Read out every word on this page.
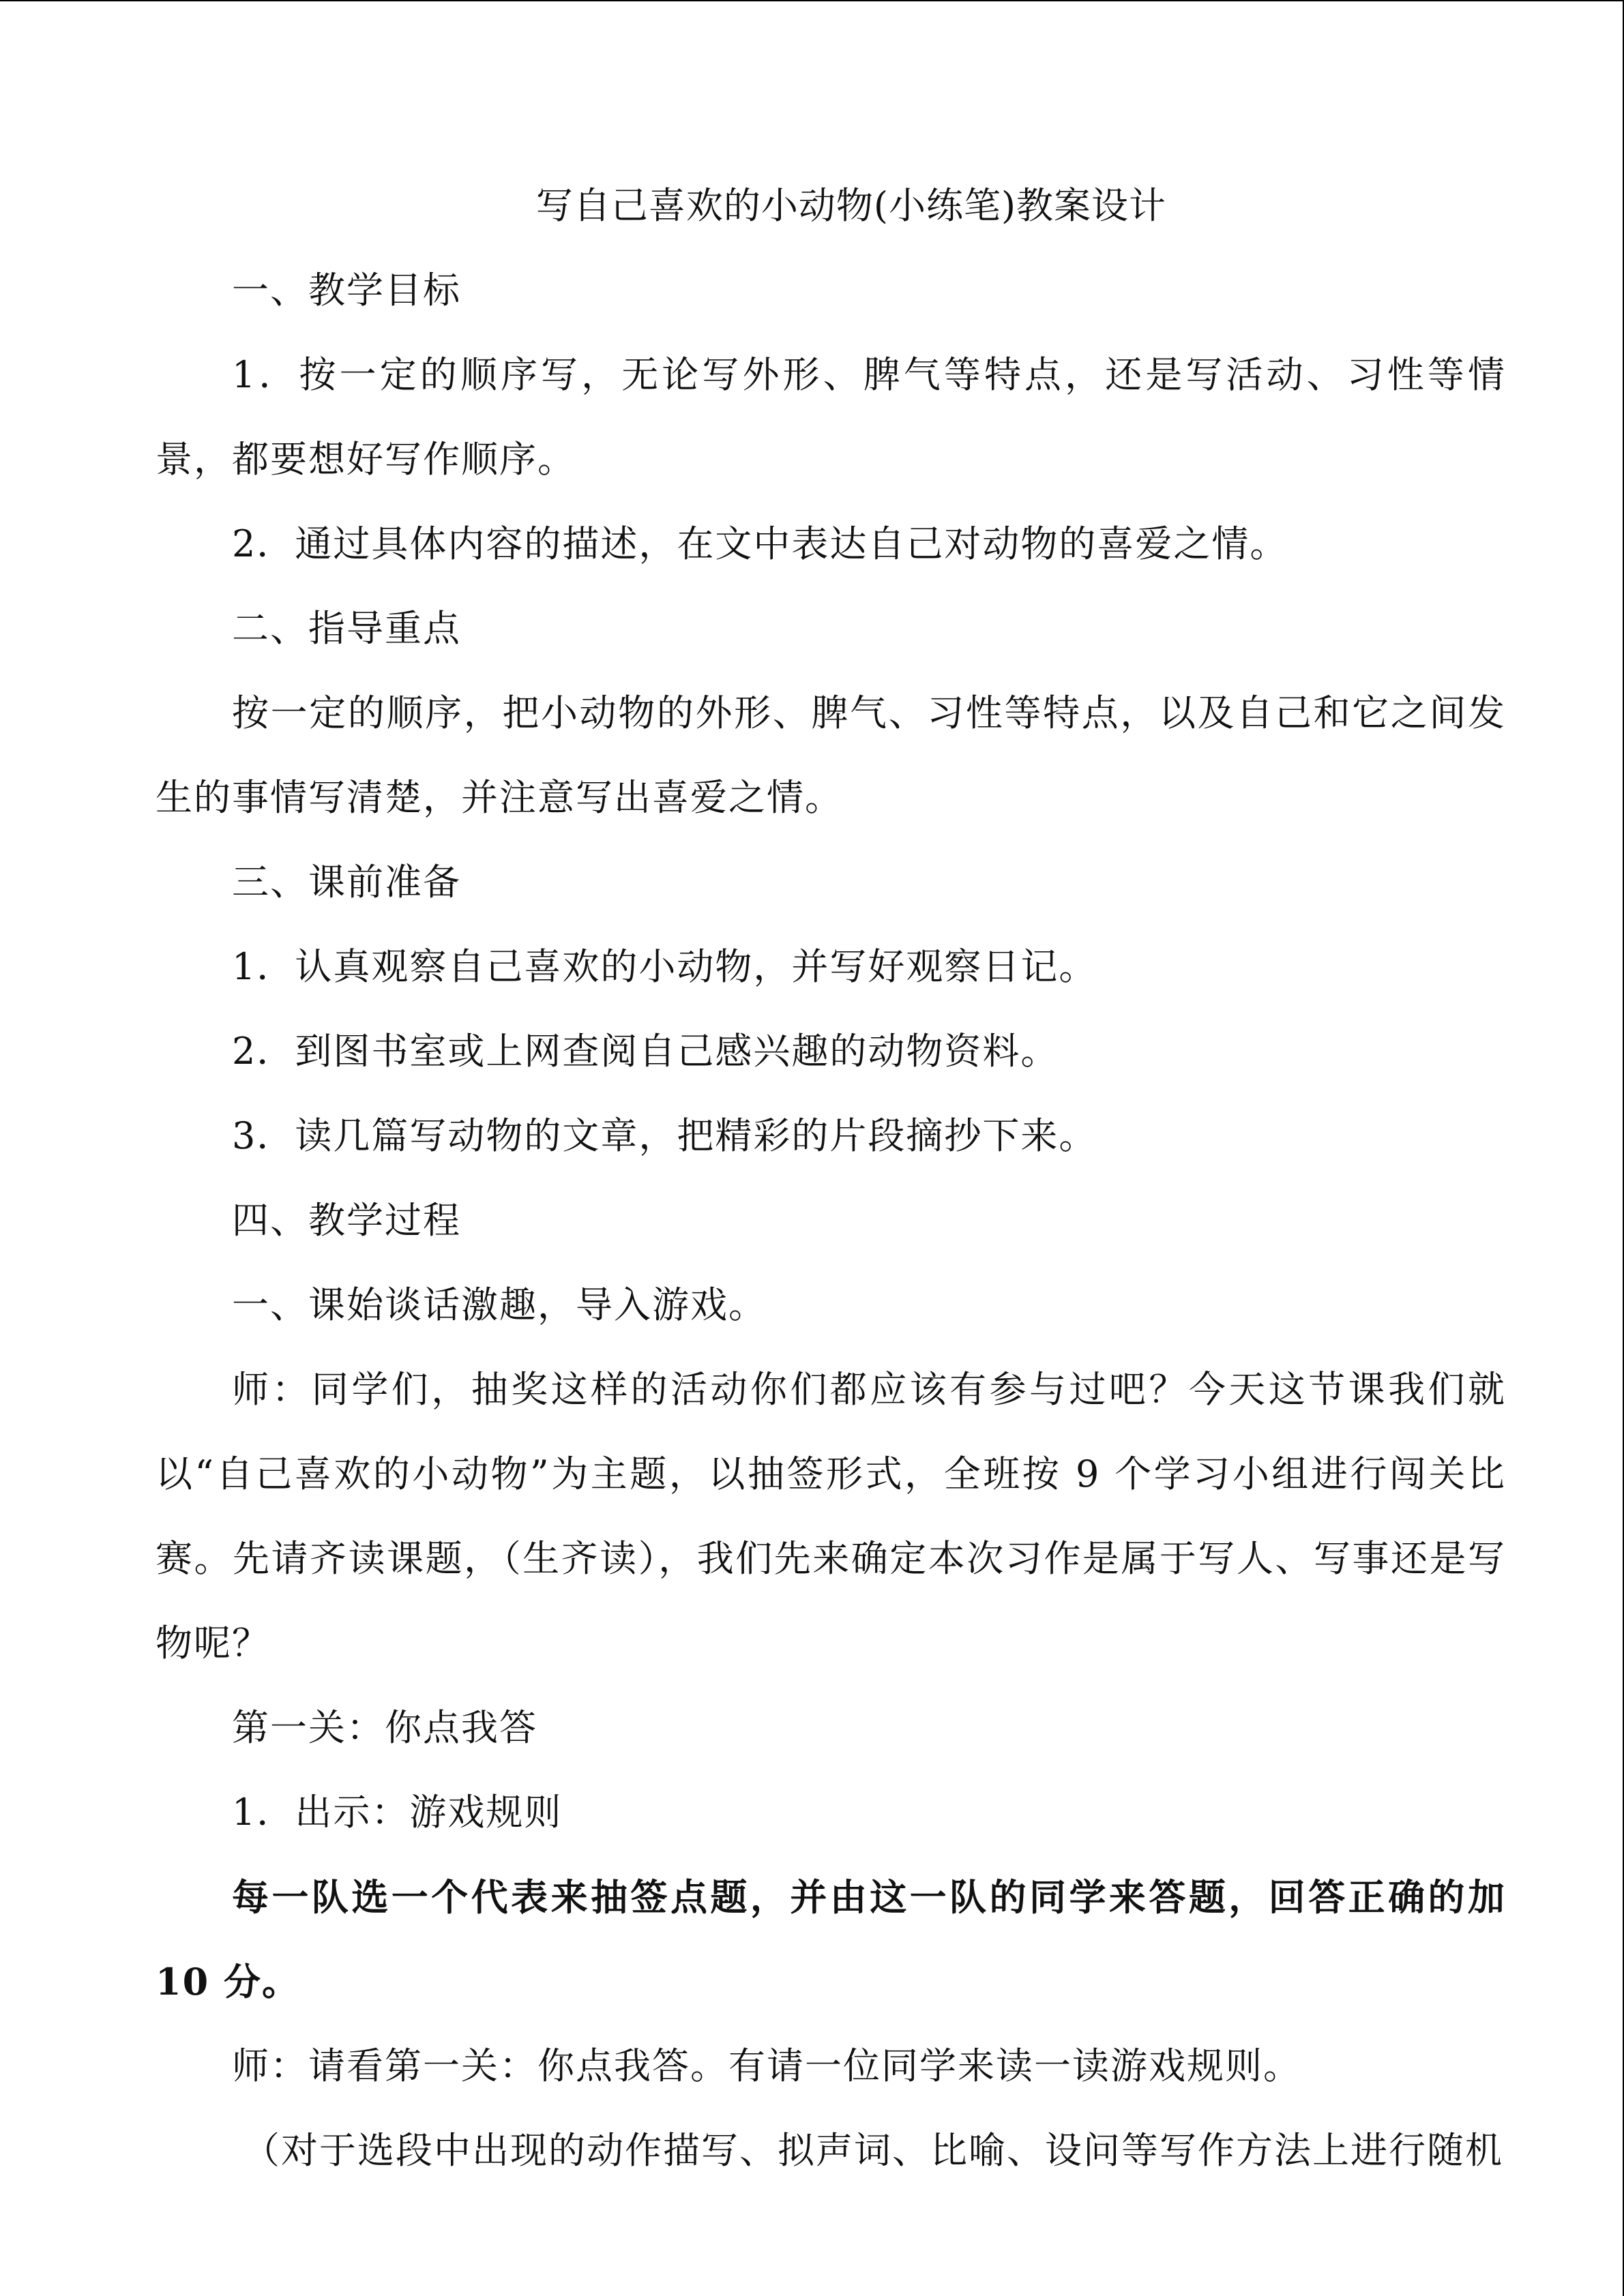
写自己喜欢的小动物(小练笔)教案设计

一、教学目标

1．按一定的顺序写，无论写外形、脾气等特点，还是写活动、习性等情景，都要想好写作顺序。

2．通过具体内容的描述，在文中表达自己对动物的喜爱之情。

二、指导重点

按一定的顺序，把小动物的外形、脾气、习性等特点，以及自己和它之间发生的事情写清楚，并注意写出喜爱之情。

三、课前准备

1．认真观察自己喜欢的小动物，并写好观察日记。

2．到图书室或上网查阅自己感兴趣的动物资料。

3．读几篇写动物的文章，把精彩的片段摘抄下来。

四、教学过程

一、课始谈话激趣，导入游戏。

师：同学们，抽奖这样的活动你们都应该有参与过吧？今天这节课我们就以“自己喜欢的小动物”为主题，以抽签形式，全班按 9 个学习小组进行闯关比赛。先请齐读课题，（生齐读），我们先来确定本次习作是属于写人、写事还是写物呢？

第一关：你点我答

1．出示：游戏规则

每一队选一个代表来抽签点题，并由这一队的同学来答题，回答正确的加 10 分。

师：请看第一关：你点我答。有请一位同学来读一读游戏规则。

（对于选段中出现的动作描写、拟声词、比喻、设问等写作方法上进行随机
